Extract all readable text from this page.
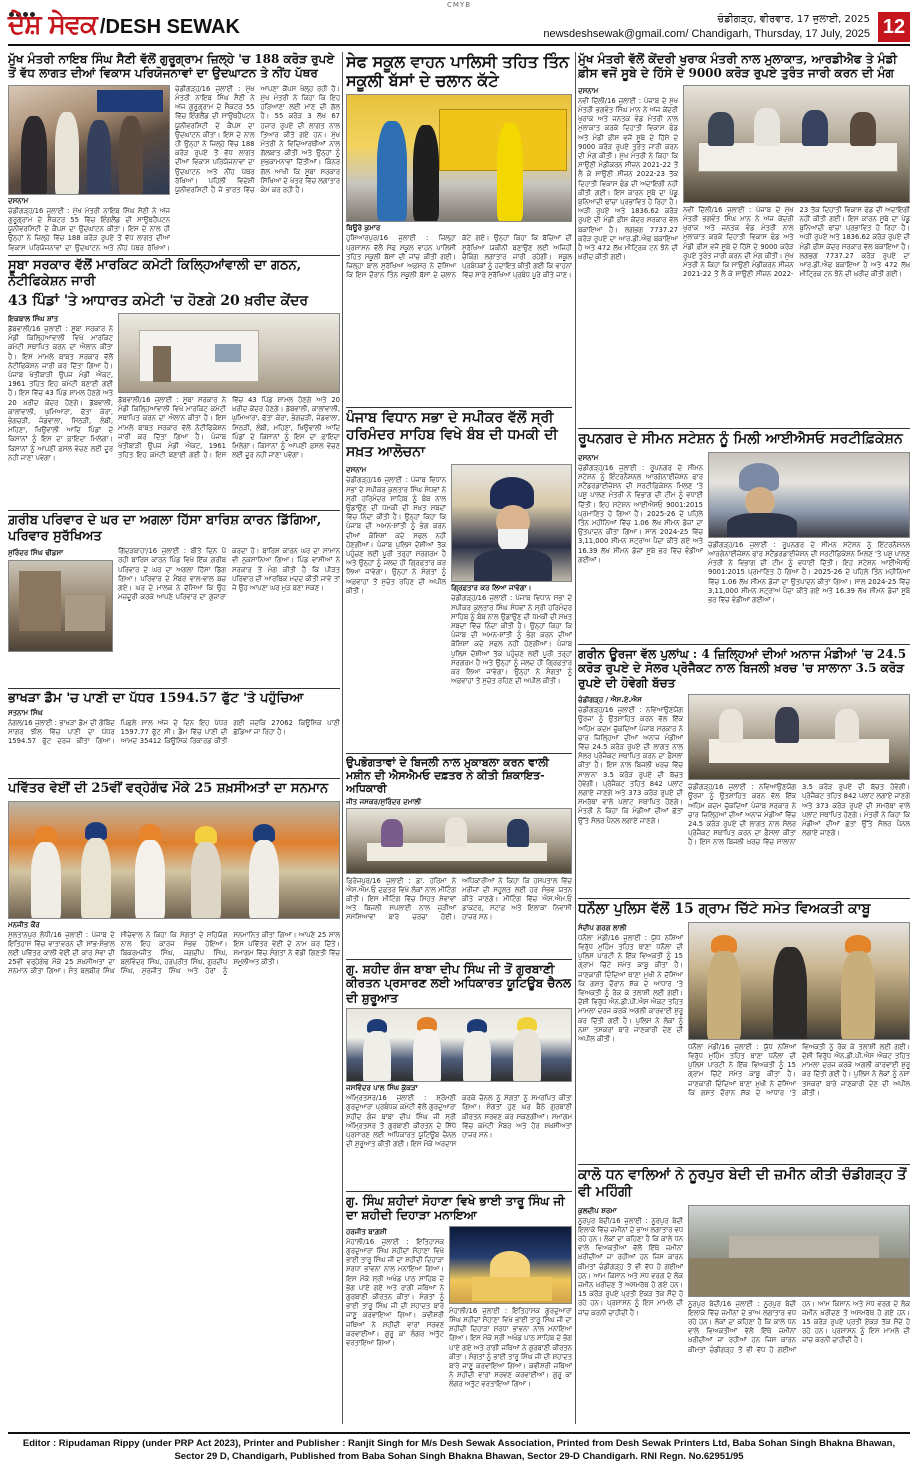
CMYB
ਦੇਸ਼ ਸੇਵਕ /DESH SEWAK	ਚੰਡੀਗੜ੍ਹ, ਵੀਰਵਾਰ, 17 ਜੁਲਾਈ, 2025
newsdeshsewak@gmail.com/ Chandigarh, Thursday, 17 July, 2025 12
ਮੁੱਖ ਮੰਤਰੀ ਨਾਇਬ ਸਿੰਘ ਸੈਣੀ ਵੱਲੋਂ ਗੁਰੂਗ੍ਰਾਮ ਜ਼ਿਲ੍ਹੇ 'ਚ 188 ਕਰੋੜ ਰੁਪਏ ਤੋਂ ਵੱਧ ਲਾਗਤ ਦੀਆਂ ਵਿਕਾਸ ਪਰਿਯੋਜਨਾਵਾਂ ਦਾ ਉਦਘਾਟਨ ਤੇ ਨੀਂਹ ਪੱਥਰ
ਦਸਨਾਮ

ਚੰਡੀਗੜ੍ਹ/16 ਜੁਲਾਈ : ਮੁੱਖ ਮੰਤਰੀ ਨਾਇਬ ਸਿੰਘ ਸੈਣੀ ਨੇ ਅੱਜ ਗੁਰੂਗ੍ਰਾਮ ਦੇ ਸੈਕਟਰ 55 ਵਿੱਚ ਇੰਗਲੈਂਡ ਦੀ ਸਾਉਥਹੈਂਪਟਨ ਯੂਨੀਵਰਸਿਟੀ ਦੇ ਕੈਂਪਸ ਦਾ ਉਦਘਾਟਨ ਕੀਤਾ। ਇਸ ਦੇ ਨਾਲ ਹੀ ਉਨ੍ਹਾਂ ਨੇ ਜ਼ਿਲ੍ਹੇ ਵਿੱਚ 188 ਕਰੋੜ ਰੁਪਏ ਤੋਂ ਵੱਧ ਲਾਗਤ ਦੀਆਂ ਵਿਕਾਸ ਪਰਿਯੋਜਨਾਵਾਂ ਦਾ ਉਦਘਾਟਨ ਅਤੇ ਨੀਂਹ ਪੱਥਰ ਰੱਖਿਆ।

ਚੰਡੀਗੜ੍ਹ/16 ਜੁਲਾਈ : ਮੁੱਖ ਮੰਤਰੀ ਨਾਇਬ ਸਿੰਘ ਸੈਣੀ ਨੇ ਅੱਜ ਗੁਰੂਗ੍ਰਾਮ ਦੇ ਸੈਕਟਰ 55 ਵਿੱਚ ਇੰਗਲੈਂਡ ਦੀ ਸਾਉਥਹੈਂਪਟਨ ਯੂਨੀਵਰਸਿਟੀ ਦੇ ਕੈਂਪਸ ਦਾ ਉਦਘਾਟਨ ਕੀਤਾ। ਇਸ ਦੇ ਨਾਲ ਹੀ ਉਨ੍ਹਾਂ ਨੇ ਜ਼ਿਲ੍ਹੇ ਵਿੱਚ 188 ਕਰੋੜ ਰੁਪਏ ਤੋਂ ਵੱਧ ਲਾਗਤ ਦੀਆਂ ਵਿਕਾਸ ਪਰਿਯੋਜਨਾਵਾਂ ਦਾ ਉਦਘਾਟਨ ਅਤੇ ਨੀਂਹ ਪੱਥਰ ਰੱਖਿਆ। ਪਹਿਲੀ ਵਿਦੇਸ਼ੀ ਯੂਨੀਵਰਸਿਟੀ ਹੈ ਜੋ ਭਾਰਤ ਵਿੱਚ ਆਪਣਾ ਕੈਂਪਸ ਖੋਲ੍ਹ ਰਹੀ ਹੈ। ਮੁੱਖ ਮੰਤਰੀ ਨੇ ਕਿਹਾ ਕਿ ਇਹ ਹਰਿਆਣਾ ਲਈ ਮਾਣ ਦੀ ਗੱਲ ਹੈ। 55 ਕਰੋੜ 3 ਲੱਖ 67 ਹਜ਼ਾਰ ਰੁਪਏ ਦੀ ਲਾਗਤ ਨਾਲ ਤਿਆਰ ਕੀਤੇ ਗਏ ਹਨ। ਮੁੱਖ ਮੰਤਰੀ ਨੇ ਵਿਦਿਆਰਥੀਆਂ ਨਾਲ ਗੱਲਬਾਤ ਕੀਤੀ ਅਤੇ ਉਨ੍ਹਾਂ ਨੂੰ ਸ਼ੁਭਕਾਮਨਾਵਾਂ ਦਿੱਤੀਆਂ। ਕਿੰਨਰ ਗੱਲ ਆਖੀ ਕਿ ਸੂਬਾ ਸਰਕਾਰ ਸਿੱਖਿਆ ਦੇ ਖੇਤਰ ਵਿੱਚ ਲਗਾਤਾਰ ਕੰਮ ਕਰ ਰਹੀ ਹੈ।

ਸੂਬਾ ਸਰਕਾਰ ਵੱਲੋਂ ਮਾਰਕਿਟ ਕਮੇਟੀ ਕਿਲ੍ਹਿਆਂਵਾਲੀ ਦਾ ਗਠਨ, ਨੋਟੀਫਿਕੇਸ਼ਨ ਜਾਰੀ
43 ਪਿੰਡਾਂ 'ਤੇ ਆਧਾਰਤ ਕਮੇਟੀ 'ਚ ਹੋਣਗੇ 20 ਖ਼ਰੀਦ ਕੇਂਦਰ
ਇਕਬਾਲ ਸਿੰਘ ਸ਼ਾਂਤ

ਡੱਬਵਾਲੀ/16 ਜੁਲਾਈ : ਸੂਬਾ ਸਰਕਾਰ ਨੇ ਮੰਡੀ ਕਿਲ੍ਹਿਆਂਵਾਲੀ ਵਿਖੇ ਮਾਰਕਿਟ ਕਮੇਟੀ ਸਥਾਪਿਤ ਕਰਨ ਦਾ ਐਲਾਨ ਕੀਤਾ ਹੈ। ਇਸ ਮਾਮਲੇ ਬਾਬਤ ਸਰਕਾਰ ਵੱਲੋਂ ਨੋਟੀਫਿਕੇਸ਼ਨ ਜਾਰੀ ਕਰ ਦਿੱਤਾ ਗਿਆ ਹੈ। ਪੰਜਾਬ ਖੇਤੀਬਾੜੀ ਉਪਜ ਮੰਡੀ ਐਕਟ, 1961 ਤਹਿਤ ਇਹ ਕਮੇਟੀ ਬਣਾਈ ਗਈ ਹੈ। ਇਸ ਵਿੱਚ 43 ਪਿੰਡ ਸ਼ਾਮਲ ਹੋਣਗੇ ਅਤੇ 20 ਖ਼ਰੀਦ ਕੇਂਦਰ ਹੋਣਗੇ। ਡੱਬਵਾਲੀ, ਕਾਲਾਂਵਾਲੀ, ਘੁਮਿਆਰਾ, ਫੱਤਾ ਕੇਰਾ, ਭੰਗਚੜੀ, ਜੰਡਵਾਲਾ, ਮਿੱਠੜੀ, ਲੰਬੀ, ਮਹਿਣਾ, ਖਿਉਵਾਲੀ ਆਦਿ ਪਿੰਡਾਂ ਦੇ ਕਿਸਾਨਾਂ ਨੂੰ ਇਸ ਦਾ ਫ਼ਾਇਦਾ ਮਿਲੇਗਾ। ਕਿਸਾਨਾਂ ਨੂੰ ਆਪਣੀ ਫ਼ਸਲ ਵੇਚਣ ਲਈ ਦੂਰ ਨਹੀਂ ਜਾਣਾ ਪਵੇਗਾ।

ਡੱਬਵਾਲੀ/16 ਜੁਲਾਈ : ਸੂਬਾ ਸਰਕਾਰ ਨੇ ਮੰਡੀ ਕਿਲ੍ਹਿਆਂਵਾਲੀ ਵਿਖੇ ਮਾਰਕਿਟ ਕਮੇਟੀ ਸਥਾਪਿਤ ਕਰਨ ਦਾ ਐਲਾਨ ਕੀਤਾ ਹੈ। ਇਸ ਮਾਮਲੇ ਬਾਬਤ ਸਰਕਾਰ ਵੱਲੋਂ ਨੋਟੀਫਿਕੇਸ਼ਨ ਜਾਰੀ ਕਰ ਦਿੱਤਾ ਗਿਆ ਹੈ। ਪੰਜਾਬ ਖੇਤੀਬਾੜੀ ਉਪਜ ਮੰਡੀ ਐਕਟ, 1961 ਤਹਿਤ ਇਹ ਕਮੇਟੀ ਬਣਾਈ ਗਈ ਹੈ। ਇਸ ਵਿੱਚ 43 ਪਿੰਡ ਸ਼ਾਮਲ ਹੋਣਗੇ ਅਤੇ 20 ਖ਼ਰੀਦ ਕੇਂਦਰ ਹੋਣਗੇ। ਡੱਬਵਾਲੀ, ਕਾਲਾਂਵਾਲੀ, ਘੁਮਿਆਰਾ, ਫੱਤਾ ਕੇਰਾ, ਭੰਗਚੜੀ, ਜੰਡਵਾਲਾ, ਮਿੱਠੜੀ, ਲੰਬੀ, ਮਹਿਣਾ, ਖਿਉਵਾਲੀ ਆਦਿ ਪਿੰਡਾਂ ਦੇ ਕਿਸਾਨਾਂ ਨੂੰ ਇਸ ਦਾ ਫ਼ਾਇਦਾ ਮਿਲੇਗਾ। ਕਿਸਾਨਾਂ ਨੂੰ ਆਪਣੀ ਫ਼ਸਲ ਵੇਚਣ ਲਈ ਦੂਰ ਨਹੀਂ ਜਾਣਾ ਪਵੇਗਾ।

ਗ਼ਰੀਬ ਪਰਿਵਾਰ ਦੇ ਘਰ ਦਾ ਅਗਲਾ ਹਿੱਸਾ ਬਾਰਿਸ਼ ਕਾਰਨ ਡਿੱਗਿਆ, ਪਰਿਵਾਰ ਸੁਰੱਖਿਅਤ
ਸੁਰਿੰਦਰ ਸਿੰਘ ਢੀਂਡਸਾ	ਗਿੱਦੜਬਾਹਾ/16 ਜੁਲਾਈ : ਬੀਤੇ ਦਿਨ ਪੈ ਰਹੀ ਬਾਰਿਸ਼ ਕਾਰਨ ਪਿੰਡ ਵਿਖੇ ਇੱਕ ਗ਼ਰੀਬ ਪਰਿਵਾਰ ਦੇ ਘਰ ਦਾ ਅਗਲਾ ਹਿੱਸਾ ਡਿੱਗ ਗਿਆ। ਪਰਿਵਾਰ ਦੇ ਮੈਂਬਰ ਵਾਲ-ਵਾਲ ਬਚ ਗਏ। ਘਰ ਦੇ ਮਾਲਕ ਨੇ ਦੱਸਿਆ ਕਿ ਉਹ ਮਜ਼ਦੂਰੀ ਕਰਕੇ ਆਪਣੇ ਪਰਿਵਾਰ ਦਾ ਗੁਜ਼ਾਰਾ ਕਰਦਾ ਹੈ। ਬਾਰਿਸ਼ ਕਾਰਨ ਘਰ ਦਾ ਸਾਮਾਨ ਵੀ ਨੁਕਸਾਨਿਆ ਗਿਆ। ਪਿੰਡ ਵਾਸੀਆਂ ਨੇ ਸਰਕਾਰ ਤੋਂ ਮੰਗ ਕੀਤੀ ਹੈ ਕਿ ਪੀੜਤ ਪਰਿਵਾਰ ਦੀ ਆਰਥਿਕ ਮਦਦ ਕੀਤੀ ਜਾਵੇ ਤਾਂ ਜੋ ਉਹ ਆਪਣਾ ਘਰ ਮੁੜ ਬਣਾ ਸਕਣ।

ਭਾਖੜਾ ਡੈਮ 'ਚ ਪਾਣੀ ਦਾ ਪੱਧਰ 1594.57 ਫੁੱਟ 'ਤੇ ਪਹੁੰਚਿਆ
ਸਤਨਾਮ ਸਿੰਘ

ਨੰਗਲ/16 ਜੁਲਾਈ : ਭਾਖੜਾ ਡੈਮ ਦੀ ਗੋਬਿੰਦ ਸਾਗਰ ਝੀਲ ਵਿੱਚ ਪਾਣੀ ਦਾ ਪੱਧਰ 1594.57 ਫੁੱਟ ਦਰਜ ਕੀਤਾ ਗਿਆ। ਪਿਛਲੇ ਸਾਲ ਅੱਜ ਦੇ ਦਿਨ ਇਹ ਪੱਧਰ 1597.77 ਫੁੱਟ ਸੀ। ਡੈਮ ਵਿੱਚ ਪਾਣੀ ਦੀ ਆਮਦ 35412 ਕਿਊਸਿਕ ਰਿਕਾਰਡ ਕੀਤੀ ਗਈ ਜਦਕਿ 27062 ਕਿਊਸਿਕ ਪਾਣੀ ਛੱਡਿਆ ਜਾ ਰਿਹਾ ਹੈ।

ਪਵਿੱਤਰ ਵੇਈਂ ਦੀ 25ਵੀਂ ਵਰ੍ਹੇਗੰਢ ਮੌਕੇ 25 ਸ਼ਖ਼ਸੀਅਤਾਂ ਦਾ ਸਨਮਾਨ
ਮਨਜੀਤ ਕੌਰ

ਸੁਲਤਾਨਪੁਰ ਲੋਧੀ/16 ਜੁਲਾਈ : ਪੰਜਾਬ ਦੇ ਇਤਿਹਾਸ ਵਿੱਚ ਵਾਤਾਵਰਨ ਦੀ ਸਾਂਭ-ਸੰਭਾਲ ਲਈ ਪਵਿੱਤਰ ਕਾਲੀ ਵੇਈਂ ਦੀ ਕਾਰ ਸੇਵਾ ਦੀ 25ਵੀਂ ਵਰ੍ਹੇਗੰਢ ਮੌਕੇ 25 ਸ਼ਖ਼ਸੀਅਤਾਂ ਦਾ ਸਨਮਾਨ ਕੀਤਾ ਗਿਆ। ਸੰਤ ਬਲਬੀਰ ਸਿੰਘ ਸੀਚੇਵਾਲ ਨੇ ਕਿਹਾ ਕਿ ਸੰਗਤਾਂ ਦੇ ਸਹਿਯੋਗ ਨਾਲ ਇਹ ਕਾਰਜ ਸੰਭਵ ਹੋਇਆ। ਬਿਕਰਮਜੀਤ ਸਿੰਘ, ਜਗਦੀਪ ਸਿੰਘ, ਬਲਵਿੰਦਰ ਸਿੰਘ, ਹਰਪ੍ਰੀਤ ਸਿੰਘ, ਗੁਰਦੀਪ ਸਿੰਘ, ਸੁਰਜੀਤ ਸਿੰਘ ਅਤੇ ਹੋਰਾਂ ਨੂੰ ਸਨਮਾਨਿਤ ਕੀਤਾ ਗਿਆ। ਆਪਣੇ 25 ਸਾਲ ਇਸ ਪਵਿੱਤਰ ਵੇਈਂ ਦੇ ਨਾਮ ਕਰ ਦਿੱਤੇ। ਸਮਾਗਮ ਵਿੱਚ ਸੰਗਤਾਂ ਨੇ ਵੱਡੀ ਗਿਣਤੀ ਵਿੱਚ ਸ਼ਮੂਲੀਅਤ ਕੀਤੀ।

ਸੇਫ ਸਕੂਲ ਵਾਹਨ ਪਾਲਿਸੀ ਤਹਿਤ ਤਿੰਨ ਸਕੂਲੀ ਬੱਸਾਂ ਦੇ ਚਲਾਨ ਕੱਟੇ
ਬਿਊਰੋ ਕੁਮਾਰ

ਹੁਸ਼ਿਆਰਪੁਰ/16 ਜੁਲਾਈ : ਜ਼ਿਲ੍ਹਾ ਪ੍ਰਸ਼ਾਸਨ ਵੱਲੋਂ ਸੇਫ ਸਕੂਲ ਵਾਹਨ ਪਾਲਿਸੀ ਤਹਿਤ ਸਕੂਲੀ ਬੱਸਾਂ ਦੀ ਜਾਂਚ ਕੀਤੀ ਗਈ। ਜ਼ਿਲ੍ਹਾ ਬਾਲ ਸੁਰੱਖਿਆ ਅਫ਼ਸਰ ਨੇ ਦੱਸਿਆ ਕਿ ਇਸ ਦੌਰਾਨ ਤਿੰਨ ਸਕੂਲੀ ਬੱਸਾਂ ਦੇ ਚਲਾਨ ਕੱਟੇ ਗਏ। ਉਨ੍ਹਾਂ ਕਿਹਾ ਕਿ ਬੱਚਿਆਂ ਦੀ ਸੁਰੱਖਿਆ ਯਕੀਨੀ ਬਣਾਉਣ ਲਈ ਅਜਿਹੀ ਚੈਕਿੰਗ ਲਗਾਤਾਰ ਜਾਰੀ ਰਹੇਗੀ। ਸਕੂਲ ਪ੍ਰਬੰਧਕਾਂ ਨੂੰ ਹਦਾਇਤ ਕੀਤੀ ਗਈ ਕਿ ਵਾਹਨਾਂ ਵਿੱਚ ਸਾਰੇ ਸੁਰੱਖਿਆ ਪ੍ਰਬੰਧ ਪੂਰੇ ਕੀਤੇ ਜਾਣ।

ਪੰਜਾਬ ਵਿਧਾਨ ਸਭਾ ਦੇ ਸਪੀਕਰ ਵੱਲੋਂ ਸ੍ਰੀ ਹਰਿਮੰਦਰ ਸਾਹਿਬ ਵਿਖੇ ਬੰਬ ਦੀ ਧਮਕੀ ਦੀ ਸਖ਼ਤ ਆਲੋਚਨਾ
ਦਸਨਾਮ

ਚੰਡੀਗੜ੍ਹ/16 ਜੁਲਾਈ : ਪੰਜਾਬ ਵਿਧਾਨ ਸਭਾ ਦੇ ਸਪੀਕਰ ਕੁਲਤਾਰ ਸਿੰਘ ਸੰਧਵਾਂ ਨੇ ਸ੍ਰੀ ਹਰਿਮੰਦਰ ਸਾਹਿਬ ਨੂੰ ਬੰਬ ਨਾਲ ਉਡਾਉਣ ਦੀ ਧਮਕੀ ਦੀ ਸਖ਼ਤ ਸ਼ਬਦਾਂ ਵਿੱਚ ਨਿੰਦਾ ਕੀਤੀ ਹੈ। ਉਨ੍ਹਾਂ ਕਿਹਾ ਕਿ ਪੰਜਾਬ ਦੀ ਅਮਨ-ਸ਼ਾਂਤੀ ਨੂੰ ਭੰਗ ਕਰਨ ਦੀਆਂ ਕੋਸ਼ਿਸ਼ਾਂ ਕਦੇ ਸਫਲ ਨਹੀਂ ਹੋਣਗੀਆਂ। ਪੰਜਾਬ ਪੁਲਿਸ ਦੋਸ਼ੀਆਂ ਤੱਕ ਪਹੁੰਚਣ ਲਈ ਪੂਰੀ ਤਰ੍ਹਾਂ ਸਰਗਰਮ ਹੈ ਅਤੇ ਉਨ੍ਹਾਂ ਨੂੰ ਜਲਦ ਹੀ ਗ੍ਰਿਫ਼ਤਾਰ ਕਰ ਲਿਆ ਜਾਵੇਗਾ। ਉਨ੍ਹਾਂ ਨੇ ਸੰਗਤਾਂ ਨੂੰ ਅਫ਼ਵਾਹਾਂ ਤੋਂ ਸੁਚੇਤ ਰਹਿਣ ਦੀ ਅਪੀਲ ਕੀਤੀ।	ਗ੍ਰਿਫ਼ਤਾਰ ਕਰ ਲਿਆ ਜਾਵੇਗਾ।

ਚੰਡੀਗੜ੍ਹ/16 ਜੁਲਾਈ : ਪੰਜਾਬ ਵਿਧਾਨ ਸਭਾ ਦੇ ਸਪੀਕਰ ਕੁਲਤਾਰ ਸਿੰਘ ਸੰਧਵਾਂ ਨੇ ਸ੍ਰੀ ਹਰਿਮੰਦਰ ਸਾਹਿਬ ਨੂੰ ਬੰਬ ਨਾਲ ਉਡਾਉਣ ਦੀ ਧਮਕੀ ਦੀ ਸਖ਼ਤ ਸ਼ਬਦਾਂ ਵਿੱਚ ਨਿੰਦਾ ਕੀਤੀ ਹੈ। ਉਨ੍ਹਾਂ ਕਿਹਾ ਕਿ ਪੰਜਾਬ ਦੀ ਅਮਨ-ਸ਼ਾਂਤੀ ਨੂੰ ਭੰਗ ਕਰਨ ਦੀਆਂ ਕੋਸ਼ਿਸ਼ਾਂ ਕਦੇ ਸਫਲ ਨਹੀਂ ਹੋਣਗੀਆਂ। ਪੰਜਾਬ ਪੁਲਿਸ ਦੋਸ਼ੀਆਂ ਤੱਕ ਪਹੁੰਚਣ ਲਈ ਪੂਰੀ ਤਰ੍ਹਾਂ ਸਰਗਰਮ ਹੈ ਅਤੇ ਉਨ੍ਹਾਂ ਨੂੰ ਜਲਦ ਹੀ ਗ੍ਰਿਫ਼ਤਾਰ ਕਰ ਲਿਆ ਜਾਵੇਗਾ। ਉਨ੍ਹਾਂ ਨੇ ਸੰਗਤਾਂ ਨੂੰ ਅਫ਼ਵਾਹਾਂ ਤੋਂ ਸੁਚੇਤ ਰਹਿਣ ਦੀ ਅਪੀਲ ਕੀਤੀ।

ਮੁੱਖ ਮੰਤਰੀ ਵੱਲੋਂ ਕੇਂਦਰੀ ਖੁਰਾਕ ਮੰਤਰੀ ਨਾਲ ਮੁਲਾਕਾਤ, ਆਰਡੀਐਫ ਤੇ ਮੰਡੀ ਫ਼ੀਸ ਵਜੋਂ ਸੂਬੇ ਦੇ ਹਿੱਸੇ ਦੇ 9000 ਕਰੋੜ ਰੁਪਏ ਤੁਰੰਤ ਜਾਰੀ ਕਰਨ ਦੀ ਮੰਗ
ਦਸਨਾਮ

ਨਵੀਂ ਦਿੱਲੀ/16 ਜੁਲਾਈ : ਪੰਜਾਬ ਦੇ ਮੁੱਖ ਮੰਤਰੀ ਭਗਵੰਤ ਸਿੰਘ ਮਾਨ ਨੇ ਅੱਜ ਕੇਂਦਰੀ ਖੁਰਾਕ ਅਤੇ ਜਨਤਕ ਵੰਡ ਮੰਤਰੀ ਨਾਲ ਮੁਲਾਕਾਤ ਕਰਕੇ ਦਿਹਾਤੀ ਵਿਕਾਸ ਫੰਡ ਅਤੇ ਮੰਡੀ ਫ਼ੀਸ ਵਜੋਂ ਸੂਬੇ ਦੇ ਹਿੱਸੇ ਦੇ 9000 ਕਰੋੜ ਰੁਪਏ ਤੁਰੰਤ ਜਾਰੀ ਕਰਨ ਦੀ ਮੰਗ ਕੀਤੀ। ਮੁੱਖ ਮੰਤਰੀ ਨੇ ਕਿਹਾ ਕਿ ਸਾਉਣੀ ਮੰਡੀਕਰਨ ਸੀਜ਼ਨ 2021-22 ਤੋਂ ਲੈ ਕੇ ਸਾਉਣੀ ਸੀਜ਼ਨ 2022-23 ਤੱਕ ਦਿਹਾਤੀ ਵਿਕਾਸ ਫੰਡ ਦੀ ਅਦਾਇਗੀ ਨਹੀਂ ਕੀਤੀ ਗਈ। ਇਸ ਕਾਰਨ ਸੂਬੇ ਦਾ ਪੇਂਡੂ ਬੁਨਿਆਦੀ ਢਾਂਚਾ ਪ੍ਰਭਾਵਿਤ ਹੋ ਰਿਹਾ ਹੈ। ਅੜੀ ਰੁਪਏ ਅਤੇ 1836.62 ਕਰੋੜ ਰੁਪਏ ਦੀ ਮੰਡੀ ਫ਼ੀਸ ਕੇਂਦਰ ਸਰਕਾਰ ਵੱਲ ਬਕਾਇਆ ਹੈ। ਲਗਭਗ 7737.27 ਕਰੋੜ ਰੁਪਏ ਦਾ ਆਰ.ਡੀ.ਐਫ ਬਕਾਇਆ ਹੈ ਅਤੇ 472 ਲੱਖ ਮੀਟ੍ਰਿਕ ਟਨ ਝੋਨੇ ਦੀ ਖ਼ਰੀਦ ਕੀਤੀ ਗਈ।

ਨਵੀਂ ਦਿੱਲੀ/16 ਜੁਲਾਈ : ਪੰਜਾਬ ਦੇ ਮੁੱਖ ਮੰਤਰੀ ਭਗਵੰਤ ਸਿੰਘ ਮਾਨ ਨੇ ਅੱਜ ਕੇਂਦਰੀ ਖੁਰਾਕ ਅਤੇ ਜਨਤਕ ਵੰਡ ਮੰਤਰੀ ਨਾਲ ਮੁਲਾਕਾਤ ਕਰਕੇ ਦਿਹਾਤੀ ਵਿਕਾਸ ਫੰਡ ਅਤੇ ਮੰਡੀ ਫ਼ੀਸ ਵਜੋਂ ਸੂਬੇ ਦੇ ਹਿੱਸੇ ਦੇ 9000 ਕਰੋੜ ਰੁਪਏ ਤੁਰੰਤ ਜਾਰੀ ਕਰਨ ਦੀ ਮੰਗ ਕੀਤੀ। ਮੁੱਖ ਮੰਤਰੀ ਨੇ ਕਿਹਾ ਕਿ ਸਾਉਣੀ ਮੰਡੀਕਰਨ ਸੀਜ਼ਨ 2021-22 ਤੋਂ ਲੈ ਕੇ ਸਾਉਣੀ ਸੀਜ਼ਨ 2022-23 ਤੱਕ ਦਿਹਾਤੀ ਵਿਕਾਸ ਫੰਡ ਦੀ ਅਦਾਇਗੀ ਨਹੀਂ ਕੀਤੀ ਗਈ। ਇਸ ਕਾਰਨ ਸੂਬੇ ਦਾ ਪੇਂਡੂ ਬੁਨਿਆਦੀ ਢਾਂਚਾ ਪ੍ਰਭਾਵਿਤ ਹੋ ਰਿਹਾ ਹੈ। ਅੜੀ ਰੁਪਏ ਅਤੇ 1836.62 ਕਰੋੜ ਰੁਪਏ ਦੀ ਮੰਡੀ ਫ਼ੀਸ ਕੇਂਦਰ ਸਰਕਾਰ ਵੱਲ ਬਕਾਇਆ ਹੈ। ਲਗਭਗ 7737.27 ਕਰੋੜ ਰੁਪਏ ਦਾ ਆਰ.ਡੀ.ਐਫ ਬਕਾਇਆ ਹੈ ਅਤੇ 472 ਲੱਖ ਮੀਟ੍ਰਿਕ ਟਨ ਝੋਨੇ ਦੀ ਖ਼ਰੀਦ ਕੀਤੀ ਗਈ।

ਰੂਪਨਗਰ ਦੇ ਸੀਮਨ ਸਟੇਸ਼ਨ ਨੂੰ ਮਿਲੀ ਆਈਐਸਓ ਸਰਟੀਫ਼ਿਕੇਸ਼ਨ
ਦਸਨਾਮ

ਚੰਡੀਗੜ੍ਹ/16 ਜੁਲਾਈ : ਰੂਪਨਗਰ ਦੇ ਸੀਮਨ ਸਟੇਸ਼ਨ ਨੂੰ ਇੰਟਰਨੈਸ਼ਨਲ ਆਰਗੇਨਾਈਜ਼ੇਸ਼ਨ ਫਾਰ ਸਟੈਂਡਰਡਾਈਜ਼ੇਸ਼ਨ ਦੀ ਸਰਟੀਫ਼ਿਕੇਸ਼ਨ ਮਿਲਣ 'ਤੇ ਪਸ਼ੂ ਪਾਲਣ ਮੰਤਰੀ ਨੇ ਵਿਭਾਗ ਦੀ ਟੀਮ ਨੂੰ ਵਧਾਈ ਦਿੱਤੀ। ਇਹ ਸਟੇਸ਼ਨ ਆਈਐਸਓ 9001:2015 ਪ੍ਰਮਾਣਿਤ ਹੋ ਗਿਆ ਹੈ। 2025-26 ਦੇ ਪਹਿਲੇ ਤਿੰਨ ਮਹੀਨਿਆਂ ਵਿੱਚ 1.06 ਲੱਖ ਸੀਮਨ ਡੋਜ਼ਾਂ ਦਾ ਉਤਪਾਦਨ ਕੀਤਾ ਗਿਆ। ਸਾਲ 2024-25 ਵਿੱਚ 3,11,000 ਸੀਮਨ ਸਟ੍ਰਾਅ ਪੈਦਾ ਕੀਤੇ ਗਏ ਅਤੇ 16.39 ਲੱਖ ਸੀਮਨ ਡੋਜ਼ਾਂ ਸੂਬੇ ਭਰ ਵਿੱਚ ਵੰਡੀਆਂ ਗਈਆਂ।

ਚੰਡੀਗੜ੍ਹ/16 ਜੁਲਾਈ : ਰੂਪਨਗਰ ਦੇ ਸੀਮਨ ਸਟੇਸ਼ਨ ਨੂੰ ਇੰਟਰਨੈਸ਼ਨਲ ਆਰਗੇਨਾਈਜ਼ੇਸ਼ਨ ਫਾਰ ਸਟੈਂਡਰਡਾਈਜ਼ੇਸ਼ਨ ਦੀ ਸਰਟੀਫ਼ਿਕੇਸ਼ਨ ਮਿਲਣ 'ਤੇ ਪਸ਼ੂ ਪਾਲਣ ਮੰਤਰੀ ਨੇ ਵਿਭਾਗ ਦੀ ਟੀਮ ਨੂੰ ਵਧਾਈ ਦਿੱਤੀ। ਇਹ ਸਟੇਸ਼ਨ ਆਈਐਸਓ 9001:2015 ਪ੍ਰਮਾਣਿਤ ਹੋ ਗਿਆ ਹੈ। 2025-26 ਦੇ ਪਹਿਲੇ ਤਿੰਨ ਮਹੀਨਿਆਂ ਵਿੱਚ 1.06 ਲੱਖ ਸੀਮਨ ਡੋਜ਼ਾਂ ਦਾ ਉਤਪਾਦਨ ਕੀਤਾ ਗਿਆ। ਸਾਲ 2024-25 ਵਿੱਚ 3,11,000 ਸੀਮਨ ਸਟ੍ਰਾਅ ਪੈਦਾ ਕੀਤੇ ਗਏ ਅਤੇ 16.39 ਲੱਖ ਸੀਮਨ ਡੋਜ਼ਾਂ ਸੂਬੇ ਭਰ ਵਿੱਚ ਵੰਡੀਆਂ ਗਈਆਂ।

ਗਰੀਨ ਊਰਜਾ ਵੱਲ ਪੁਲਾਂਘ : 4 ਜ਼ਿਲ੍ਹਿਆਂ ਦੀਆਂ ਅਨਾਜ ਮੰਡੀਆਂ 'ਚ 24.5 ਕਰੋੜ ਰੁਪਏ ਦੇ ਸੋਲਰ ਪ੍ਰੋਜੈਕਟ ਨਾਲ ਬਿਜਲੀ ਖ਼ਰਚ 'ਚ ਸਾਲਾਨਾ 3.5 ਕਰੋੜ ਰੁਪਏ ਦੀ ਹੋਵੇਗੀ ਬੱਚਤ
ਚੰਡੀਗੜ੍ਹ / ਐਸ.ਏ.ਐਸ

ਚੰਡੀਗੜ੍ਹ/16 ਜੁਲਾਈ : ਨਵਿਆਉਣਯੋਗ ਊਰਜਾ ਨੂੰ ਉਤਸ਼ਾਹਿਤ ਕਰਨ ਵੱਲ ਇੱਕ ਅਹਿਮ ਕਦਮ ਚੁੱਕਦਿਆਂ ਪੰਜਾਬ ਸਰਕਾਰ ਨੇ ਚਾਰ ਜ਼ਿਲ੍ਹਿਆਂ ਦੀਆਂ ਅਨਾਜ ਮੰਡੀਆਂ ਵਿੱਚ 24.5 ਕਰੋੜ ਰੁਪਏ ਦੀ ਲਾਗਤ ਨਾਲ ਸੋਲਰ ਪ੍ਰੋਜੈਕਟ ਸਥਾਪਿਤ ਕਰਨ ਦਾ ਫ਼ੈਸਲਾ ਕੀਤਾ ਹੈ। ਇਸ ਨਾਲ ਬਿਜਲੀ ਖ਼ਰਚ ਵਿੱਚ ਸਾਲਾਨਾ 3.5 ਕਰੋੜ ਰੁਪਏ ਦੀ ਬੱਚਤ ਹੋਵੇਗੀ। ਪ੍ਰੋਜੈਕਟ ਤਹਿਤ 842 ਪਲਾਂਟ ਲਗਾਏ ਜਾਣਗੇ ਅਤੇ 373 ਕਰੋੜ ਰੁਪਏ ਦੀ ਸਮਰੱਥਾ ਵਾਲੇ ਪਲਾਂਟ ਸਥਾਪਿਤ ਹੋਣਗੇ। ਮੰਤਰੀ ਨੇ ਕਿਹਾ ਕਿ ਮੰਡੀਆਂ ਦੀਆਂ ਛੱਤਾਂ ਉੱਤੇ ਸੋਲਰ ਪੈਨਲ ਲਗਾਏ ਜਾਣਗੇ।

ਚੰਡੀਗੜ੍ਹ/16 ਜੁਲਾਈ : ਨਵਿਆਉਣਯੋਗ ਊਰਜਾ ਨੂੰ ਉਤਸ਼ਾਹਿਤ ਕਰਨ ਵੱਲ ਇੱਕ ਅਹਿਮ ਕਦਮ ਚੁੱਕਦਿਆਂ ਪੰਜਾਬ ਸਰਕਾਰ ਨੇ ਚਾਰ ਜ਼ਿਲ੍ਹਿਆਂ ਦੀਆਂ ਅਨਾਜ ਮੰਡੀਆਂ ਵਿੱਚ 24.5 ਕਰੋੜ ਰੁਪਏ ਦੀ ਲਾਗਤ ਨਾਲ ਸੋਲਰ ਪ੍ਰੋਜੈਕਟ ਸਥਾਪਿਤ ਕਰਨ ਦਾ ਫ਼ੈਸਲਾ ਕੀਤਾ ਹੈ। ਇਸ ਨਾਲ ਬਿਜਲੀ ਖ਼ਰਚ ਵਿੱਚ ਸਾਲਾਨਾ 3.5 ਕਰੋੜ ਰੁਪਏ ਦੀ ਬੱਚਤ ਹੋਵੇਗੀ। ਪ੍ਰੋਜੈਕਟ ਤਹਿਤ 842 ਪਲਾਂਟ ਲਗਾਏ ਜਾਣਗੇ ਅਤੇ 373 ਕਰੋੜ ਰੁਪਏ ਦੀ ਸਮਰੱਥਾ ਵਾਲੇ ਪਲਾਂਟ ਸਥਾਪਿਤ ਹੋਣਗੇ। ਮੰਤਰੀ ਨੇ ਕਿਹਾ ਕਿ ਮੰਡੀਆਂ ਦੀਆਂ ਛੱਤਾਂ ਉੱਤੇ ਸੋਲਰ ਪੈਨਲ ਲਗਾਏ ਜਾਣਗੇ।

ਧਨੌਲਾ ਪੁਲਿਸ ਵੱਲੋਂ 15 ਗ੍ਰਾਮ ਚਿੱਟੇ ਸਮੇਤ ਵਿਅਕਤੀ ਕਾਬੂ
ਸੰਦੀਪ ਗਰਗ ਲਾਲੀ

ਧਨੌਲਾ ਮੰਡੀ/16 ਜੁਲਾਈ : ਯੁੱਧ ਨਸ਼ਿਆਂ ਵਿਰੁੱਧ ਮੁਹਿੰਮ ਤਹਿਤ ਥਾਣਾ ਧਨੌਲਾ ਦੀ ਪੁਲਿਸ ਪਾਰਟੀ ਨੇ ਇੱਕ ਵਿਅਕਤੀ ਨੂੰ 15 ਗ੍ਰਾਮ ਚਿੱਟੇ ਸਮੇਤ ਕਾਬੂ ਕੀਤਾ ਹੈ। ਜਾਣਕਾਰੀ ਦਿੰਦਿਆਂ ਥਾਣਾ ਮੁਖੀ ਨੇ ਦੱਸਿਆ ਕਿ ਗਸ਼ਤ ਦੌਰਾਨ ਸ਼ੱਕ ਦੇ ਆਧਾਰ 'ਤੇ ਵਿਅਕਤੀ ਨੂੰ ਰੋਕ ਕੇ ਤਲਾਸ਼ੀ ਲਈ ਗਈ। ਦੋਸ਼ੀ ਵਿਰੁੱਧ ਐਨ.ਡੀ.ਪੀ.ਐਸ ਐਕਟ ਤਹਿਤ ਮਾਮਲਾ ਦਰਜ ਕਰਕੇ ਅਗਲੀ ਕਾਰਵਾਈ ਸ਼ੁਰੂ ਕਰ ਦਿੱਤੀ ਗਈ ਹੈ। ਪੁਲਿਸ ਨੇ ਲੋਕਾਂ ਨੂੰ ਨਸ਼ਾ ਤਸਕਰਾਂ ਬਾਰੇ ਜਾਣਕਾਰੀ ਦੇਣ ਦੀ ਅਪੀਲ ਕੀਤੀ।

ਧਨੌਲਾ ਮੰਡੀ/16 ਜੁਲਾਈ : ਯੁੱਧ ਨਸ਼ਿਆਂ ਵਿਰੁੱਧ ਮੁਹਿੰਮ ਤਹਿਤ ਥਾਣਾ ਧਨੌਲਾ ਦੀ ਪੁਲਿਸ ਪਾਰਟੀ ਨੇ ਇੱਕ ਵਿਅਕਤੀ ਨੂੰ 15 ਗ੍ਰਾਮ ਚਿੱਟੇ ਸਮੇਤ ਕਾਬੂ ਕੀਤਾ ਹੈ। ਜਾਣਕਾਰੀ ਦਿੰਦਿਆਂ ਥਾਣਾ ਮੁਖੀ ਨੇ ਦੱਸਿਆ ਕਿ ਗਸ਼ਤ ਦੌਰਾਨ ਸ਼ੱਕ ਦੇ ਆਧਾਰ 'ਤੇ ਵਿਅਕਤੀ ਨੂੰ ਰੋਕ ਕੇ ਤਲਾਸ਼ੀ ਲਈ ਗਈ। ਦੋਸ਼ੀ ਵਿਰੁੱਧ ਐਨ.ਡੀ.ਪੀ.ਐਸ ਐਕਟ ਤਹਿਤ ਮਾਮਲਾ ਦਰਜ ਕਰਕੇ ਅਗਲੀ ਕਾਰਵਾਈ ਸ਼ੁਰੂ ਕਰ ਦਿੱਤੀ ਗਈ ਹੈ। ਪੁਲਿਸ ਨੇ ਲੋਕਾਂ ਨੂੰ ਨਸ਼ਾ ਤਸਕਰਾਂ ਬਾਰੇ ਜਾਣਕਾਰੀ ਦੇਣ ਦੀ ਅਪੀਲ ਕੀਤੀ।

ਕਾਲੋ ਧਨ ਵਾਲਿਆਂ ਨੇ ਨੂਰਪੁਰ ਬੇਦੀ ਦੀ ਜ਼ਮੀਨ ਕੀਤੀ ਚੰਡੀਗੜ੍ਹ ਤੋਂ ਵੀ ਮਹਿੰਗੀ
ਕੁਲਦੀਪ ਸ਼ਰਮਾ

ਨੂਰਪੁਰ ਬੇਦੀ/16 ਜੁਲਾਈ : ਨੂਰਪੁਰ ਬੇਦੀ ਇਲਾਕੇ ਵਿੱਚ ਜ਼ਮੀਨਾਂ ਦੇ ਭਾਅ ਲਗਾਤਾਰ ਵਧ ਰਹੇ ਹਨ। ਲੋਕਾਂ ਦਾ ਕਹਿਣਾ ਹੈ ਕਿ ਕਾਲੇ ਧਨ ਵਾਲੇ ਵਿਅਕਤੀਆਂ ਵੱਲੋਂ ਇੱਥੇ ਜ਼ਮੀਨਾਂ ਖ਼ਰੀਦੀਆਂ ਜਾ ਰਹੀਆਂ ਹਨ ਜਿਸ ਕਾਰਨ ਕੀਮਤਾਂ ਚੰਡੀਗੜ੍ਹ ਤੋਂ ਵੀ ਵੱਧ ਹੋ ਗਈਆਂ ਹਨ। ਆਮ ਕਿਸਾਨ ਅਤੇ ਮੱਧ ਵਰਗ ਦੇ ਲੋਕ ਜ਼ਮੀਨ ਖ਼ਰੀਦਣ ਤੋਂ ਅਸਮਰੱਥ ਹੋ ਗਏ ਹਨ। 15 ਕਰੋੜ ਰੁਪਏ ਪ੍ਰਤੀ ਏਕੜ ਤੱਕ ਸੌਦੇ ਹੋ ਰਹੇ ਹਨ। ਪ੍ਰਸ਼ਾਸਨ ਨੂੰ ਇਸ ਮਾਮਲੇ ਦੀ ਜਾਂਚ ਕਰਨੀ ਚਾਹੀਦੀ ਹੈ।

ਨੂਰਪੁਰ ਬੇਦੀ/16 ਜੁਲਾਈ : ਨੂਰਪੁਰ ਬੇਦੀ ਇਲਾਕੇ ਵਿੱਚ ਜ਼ਮੀਨਾਂ ਦੇ ਭਾਅ ਲਗਾਤਾਰ ਵਧ ਰਹੇ ਹਨ। ਲੋਕਾਂ ਦਾ ਕਹਿਣਾ ਹੈ ਕਿ ਕਾਲੇ ਧਨ ਵਾਲੇ ਵਿਅਕਤੀਆਂ ਵੱਲੋਂ ਇੱਥੇ ਜ਼ਮੀਨਾਂ ਖ਼ਰੀਦੀਆਂ ਜਾ ਰਹੀਆਂ ਹਨ ਜਿਸ ਕਾਰਨ ਕੀਮਤਾਂ ਚੰਡੀਗੜ੍ਹ ਤੋਂ ਵੀ ਵੱਧ ਹੋ ਗਈਆਂ ਹਨ। ਆਮ ਕਿਸਾਨ ਅਤੇ ਮੱਧ ਵਰਗ ਦੇ ਲੋਕ ਜ਼ਮੀਨ ਖ਼ਰੀਦਣ ਤੋਂ ਅਸਮਰੱਥ ਹੋ ਗਏ ਹਨ। 15 ਕਰੋੜ ਰੁਪਏ ਪ੍ਰਤੀ ਏਕੜ ਤੱਕ ਸੌਦੇ ਹੋ ਰਹੇ ਹਨ। ਪ੍ਰਸ਼ਾਸਨ ਨੂੰ ਇਸ ਮਾਮਲੇ ਦੀ ਜਾਂਚ ਕਰਨੀ ਚਾਹੀਦੀ ਹੈ।

ਉਪਭੋਗਤਾਵਾਂ ਦੇ ਬਿਜਲੀ ਨਾਲ ਮੁਕਾਬਲਾ ਕਰਨ ਵਾਲੀ ਮਸ਼ੀਨ ਦੀ ਐਸਐਮਓ ਦਫ਼ਤਰ ਨੇ ਕੀਤੀ ਸ਼ਿਕਾਇਤ-ਅਧਿਕਾਰੀ
ਜੀਤ ਜਸਕਰ/ਸੁਰਿੰਦਰ ਦਮਾਲੀ

ਫ਼ਿਰੋਜ਼ਪੁਰ/16 ਜੁਲਾਈ : ਡਾ. ਹਰਿਮਾ ਨੇ ਐਸ.ਐਮ.ਓ ਦਫ਼ਤਰ ਵਿਖੇ ਲੋਕਾਂ ਨਾਲ ਮੀਟਿੰਗ ਕੀਤੀ। ਇਸ ਮੀਟਿੰਗ ਵਿੱਚ ਸਿਹਤ ਸੇਵਾਵਾਂ ਅਤੇ ਬਿਜਲੀ ਸਪਲਾਈ ਨਾਲ ਜੁੜੀਆਂ ਸਮੱਸਿਆਵਾਂ ਬਾਰੇ ਚਰਚਾ ਹੋਈ। ਅਧਿਕਾਰੀਆਂ ਨੇ ਕਿਹਾ ਕਿ ਹਸਪਤਾਲ ਵਿੱਚ ਮਰੀਜ਼ਾਂ ਦੀ ਸਹੂਲਤ ਲਈ ਹਰ ਸੰਭਵ ਯਤਨ ਕੀਤੇ ਜਾਣਗੇ। ਮੀਟਿੰਗ ਵਿੱਚ ਐਸ.ਐਮ.ਓ ਡਾਕਟਰ, ਸਟਾਫ਼ ਅਤੇ ਇਲਾਕਾ ਨਿਵਾਸੀ ਹਾਜ਼ਰ ਸਨ।

ਗੁ. ਸ਼ਹੀਦ ਗੰਜ ਬਾਬਾ ਦੀਪ ਸਿੰਘ ਜੀ ਤੋਂ ਗੁਰਬਾਣੀ ਕੀਰਤਨ ਪ੍ਰਸਾਰਣ ਲਈ ਅਧਿਕਾਰਤ ਯੂਟਿਊਬ ਚੈਨਲ ਦੀ ਸ਼ੁਰੂਆਤ
ਜਸਵਿੰਦਰ ਪਾਲ ਸਿੰਘ ਕੁੱਕੜਾ

ਅੰਮ੍ਰਿਤਸਰ/16 ਜੁਲਾਈ : ਸ਼੍ਰੋਮਣੀ ਗੁਰਦੁਆਰਾ ਪ੍ਰਬੰਧਕ ਕਮੇਟੀ ਵੱਲੋਂ ਗੁਰਦੁਆਰਾ ਸ਼ਹੀਦ ਗੰਜ ਬਾਬਾ ਦੀਪ ਸਿੰਘ ਜੀ ਸ੍ਰੀ ਅੰਮ੍ਰਿਤਸਰ ਤੋਂ ਗੁਰਬਾਣੀ ਕੀਰਤਨ ਦੇ ਸਿੱਧੇ ਪ੍ਰਸਾਰਣ ਲਈ ਅਧਿਕਾਰਤ ਯੂਟਿਊਬ ਚੈਨਲ ਦੀ ਸ਼ੁਰੂਆਤ ਕੀਤੀ ਗਈ। ਇਸ ਮੌਕੇ ਅਰਦਾਸ ਕਰਕੇ ਚੈਨਲ ਨੂੰ ਸੰਗਤਾਂ ਨੂੰ ਸਮਰਪਿਤ ਕੀਤਾ ਗਿਆ। ਸੰਗਤਾਂ ਹੁਣ ਘਰ ਬੈਠੇ ਗੁਰਬਾਣੀ ਕੀਰਤਨ ਸਰਵਣ ਕਰ ਸਕਣਗੀਆਂ। ਸਮਾਗਮ ਵਿੱਚ ਕਮੇਟੀ ਮੈਂਬਰ ਅਤੇ ਹੋਰ ਸ਼ਖ਼ਸੀਅਤਾਂ ਹਾਜ਼ਰ ਸਨ।

ਗੁ. ਸਿੰਘ ਸ਼ਹੀਦਾਂ ਸੋਹਾਣਾ ਵਿਖੇ ਭਾਈ ਤਾਰੂ ਸਿੰਘ ਜੀ ਦਾ ਸ਼ਹੀਦੀ ਦਿਹਾੜਾ ਮਨਾਇਆ
ਹਰਜੀਤ ਬਾਗ਼ਸ਼ੀ

ਮੋਹਾਲੀ/16 ਜੁਲਾਈ : ਇਤਿਹਾਸਕ ਗੁਰਦੁਆਰਾ ਸਿੰਘ ਸ਼ਹੀਦਾਂ ਸੋਹਾਣਾ ਵਿਖੇ ਭਾਈ ਤਾਰੂ ਸਿੰਘ ਜੀ ਦਾ ਸ਼ਹੀਦੀ ਦਿਹਾੜਾ ਸ਼ਰਧਾ ਭਾਵਨਾ ਨਾਲ ਮਨਾਇਆ ਗਿਆ। ਇਸ ਮੌਕੇ ਸ੍ਰੀ ਅਖੰਡ ਪਾਠ ਸਾਹਿਬ ਦੇ ਭੋਗ ਪਾਏ ਗਏ ਅਤੇ ਰਾਗੀ ਜਥਿਆਂ ਨੇ ਗੁਰਬਾਣੀ ਕੀਰਤਨ ਕੀਤਾ। ਸੰਗਤਾਂ ਨੂੰ ਭਾਈ ਤਾਰੂ ਸਿੰਘ ਜੀ ਦੀ ਸ਼ਹਾਦਤ ਬਾਰੇ ਜਾਣੂ ਕਰਵਾਇਆ ਗਿਆ। ਕਵੀਸ਼ਰੀ ਜਥਿਆਂ ਨੇ ਸ਼ਹੀਦੀ ਵਾਰਾਂ ਸਰਵਣ ਕਰਵਾਈਆਂ। ਗੁਰੂ ਕਾ ਲੰਗਰ ਅਤੁੱਟ ਵਰਤਾਇਆ ਗਿਆ।

ਮੋਹਾਲੀ/16 ਜੁਲਾਈ : ਇਤਿਹਾਸਕ ਗੁਰਦੁਆਰਾ ਸਿੰਘ ਸ਼ਹੀਦਾਂ ਸੋਹਾਣਾ ਵਿਖੇ ਭਾਈ ਤਾਰੂ ਸਿੰਘ ਜੀ ਦਾ ਸ਼ਹੀਦੀ ਦਿਹਾੜਾ ਸ਼ਰਧਾ ਭਾਵਨਾ ਨਾਲ ਮਨਾਇਆ ਗਿਆ। ਇਸ ਮੌਕੇ ਸ੍ਰੀ ਅਖੰਡ ਪਾਠ ਸਾਹਿਬ ਦੇ ਭੋਗ ਪਾਏ ਗਏ ਅਤੇ ਰਾਗੀ ਜਥਿਆਂ ਨੇ ਗੁਰਬਾਣੀ ਕੀਰਤਨ ਕੀਤਾ। ਸੰਗਤਾਂ ਨੂੰ ਭਾਈ ਤਾਰੂ ਸਿੰਘ ਜੀ ਦੀ ਸ਼ਹਾਦਤ ਬਾਰੇ ਜਾਣੂ ਕਰਵਾਇਆ ਗਿਆ। ਕਵੀਸ਼ਰੀ ਜਥਿਆਂ ਨੇ ਸ਼ਹੀਦੀ ਵਾਰਾਂ ਸਰਵਣ ਕਰਵਾਈਆਂ। ਗੁਰੂ ਕਾ ਲੰਗਰ ਅਤੁੱਟ ਵਰਤਾਇਆ ਗਿਆ।

Editor : Ripudaman Rippy (under PRP Act 2023), Printer and Publisher : Ranjit Singh for M/s Desh Sewak Association, Printed from Desh Sewak Printers Ltd, Baba Sohan Singh Bhakna Bhawan,
Sector 29 D, Chandigarh, Published from Baba Sohan Singh Bhakna Bhawan, Sector 29-D Chandigarh. RNI Regn. No.62951/95
